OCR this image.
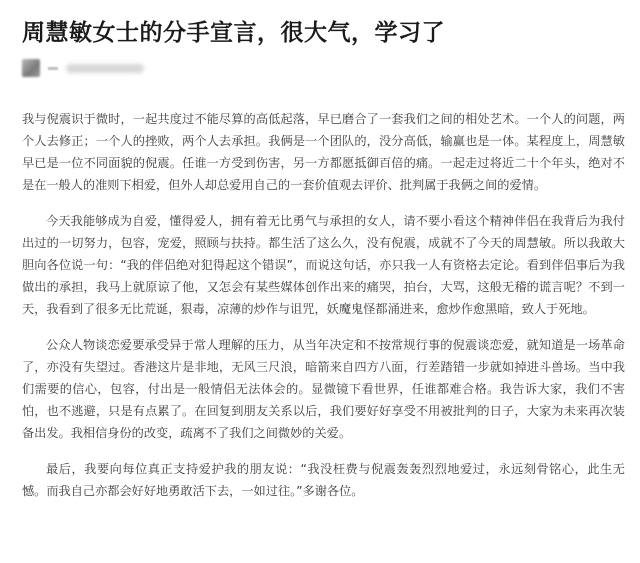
周慧敏女士的分手宣言，很大气，学习了

我与倪震识于微时，一起共度过不能尽算的高低起落，早已磨合了一套我们之间的相处艺术。一个人的问题，两个人去修正；一个人的挫败，两个人去承担。我俩是一个团队的，没分高低，输赢也是一体。某程度上，周慧敏早已是一位不同面貌的倪震。任谁一方受到伤害，另一方都愿抵御百倍的痛。一起走过将近二十个年头，绝对不是在一般人的准则下相爱，但外人却总爱用自己的一套价值观去评价、批判属于我俩之间的爱情。

今天我能够成为自爱，懂得爱人，拥有着无比勇气与承担的女人，请不要小看这个精神伴侣在我背后为我付出过的一切努力，包容，宠爱，照顾与扶持。都生活了这么久，没有倪震，成就不了今天的周慧敏。所以我敢大胆向各位说一句：“我的伴侣绝对犯得起这个错误”，而说这句话，亦只我一人有资格去定论。看到伴侣事后为我做出的承担，我马上就原谅了他，又怎会有某些媒体创作出来的痛哭，拍台，大骂，这般无稽的谎言呢？不到一天，我看到了很多无比荒诞，狠毒，凉薄的炒作与诅咒，妖魔鬼怪都涌进来，愈炒作愈黑暗，致人于死地。

公众人物谈恋爱要承受异于常人理解的压力，从当年决定和不按常规行事的倪震谈恋爱，就知道是一场革命了，亦没有失望过。香港这片是非地，无风三尺浪，暗箭来自四方八面，行差踏错一步就如掉进斗兽场。当中我们需要的信心，包容，付出是一般情侣无法体会的。显微镜下看世界，任谁都难合格。我告诉大家，我们不害怕，也不逃避，只是有点累了。在回复到朋友关系以后，我们要好好享受不用被批判的日子，大家为未来再次装备出发。我相信身份的改变，疏离不了我们之间微妙的关爱。

最后，我要向每位真正支持爱护我的朋友说：“我没枉费与倪震轰轰烈烈地爱过，永远刻骨铭心，此生无憾。而我自己亦都会好好地勇敢活下去，一如过往。”多谢各位。
